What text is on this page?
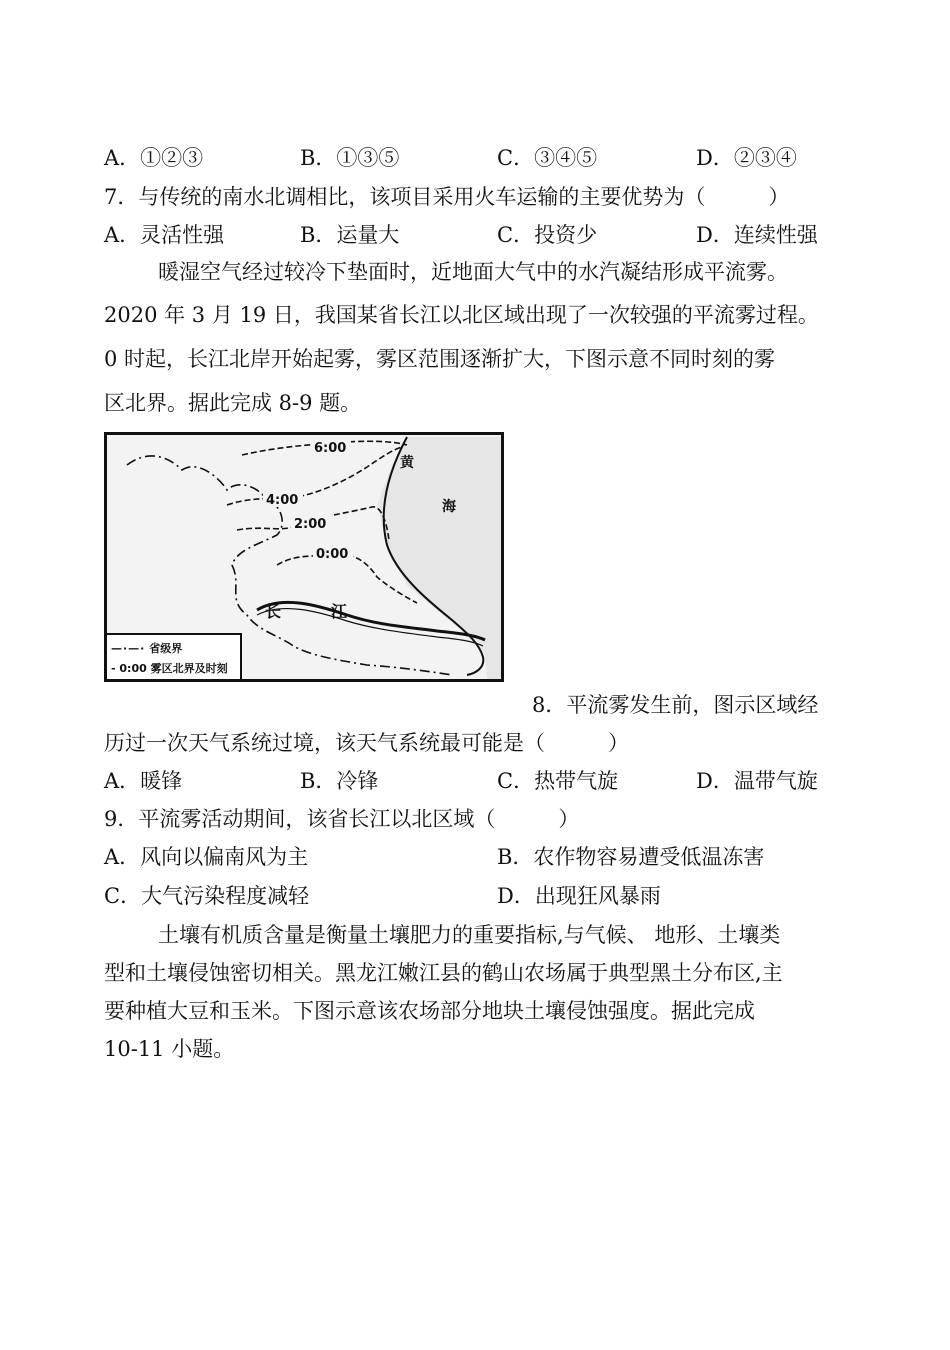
A．①②③	B．①③⑤	C．③④⑤	D．②③④
7．与传统的南水北调相比，该项目采用火车运输的主要优势为（　　　）
A．灵活性强	B．运量大	C．投资少	D．连续性强
暖湿空气经过较冷下垫面时，近地面大气中的水汽凝结形成平流雾。
2020 年 3 月 19 日，我国某省长江以北区域出现了一次较强的平流雾过程。
0 时起，长江北岸开始起雾，雾区范围逐渐扩大，下图示意不同时刻的雾
区北界。据此完成 8-9 题。
6:00
4:00
2:00
0:00
黄
海
长	江
—·—· 省级界
- 0:00 雾区北界及时刻
8．平流雾发生前，图示区域经
历过一次天气系统过境，该天气系统最可能是（　　　）
A．暖锋	B．冷锋	C．热带气旋	D．温带气旋
9．平流雾活动期间，该省长江以北区域（　　　）
A．风向以偏南风为主	B．农作物容易遭受低温冻害
C．大气污染程度减轻	D．出现狂风暴雨
土壤有机质含量是衡量土壤肥力的重要指标,与气候、 地形、土壤类
型和土壤侵蚀密切相关。黑龙江嫩江县的鹤山农场属于典型黑土分布区,主
要种植大豆和玉米。下图示意该农场部分地块土壤侵蚀强度。据此完成
10-11 小题。
